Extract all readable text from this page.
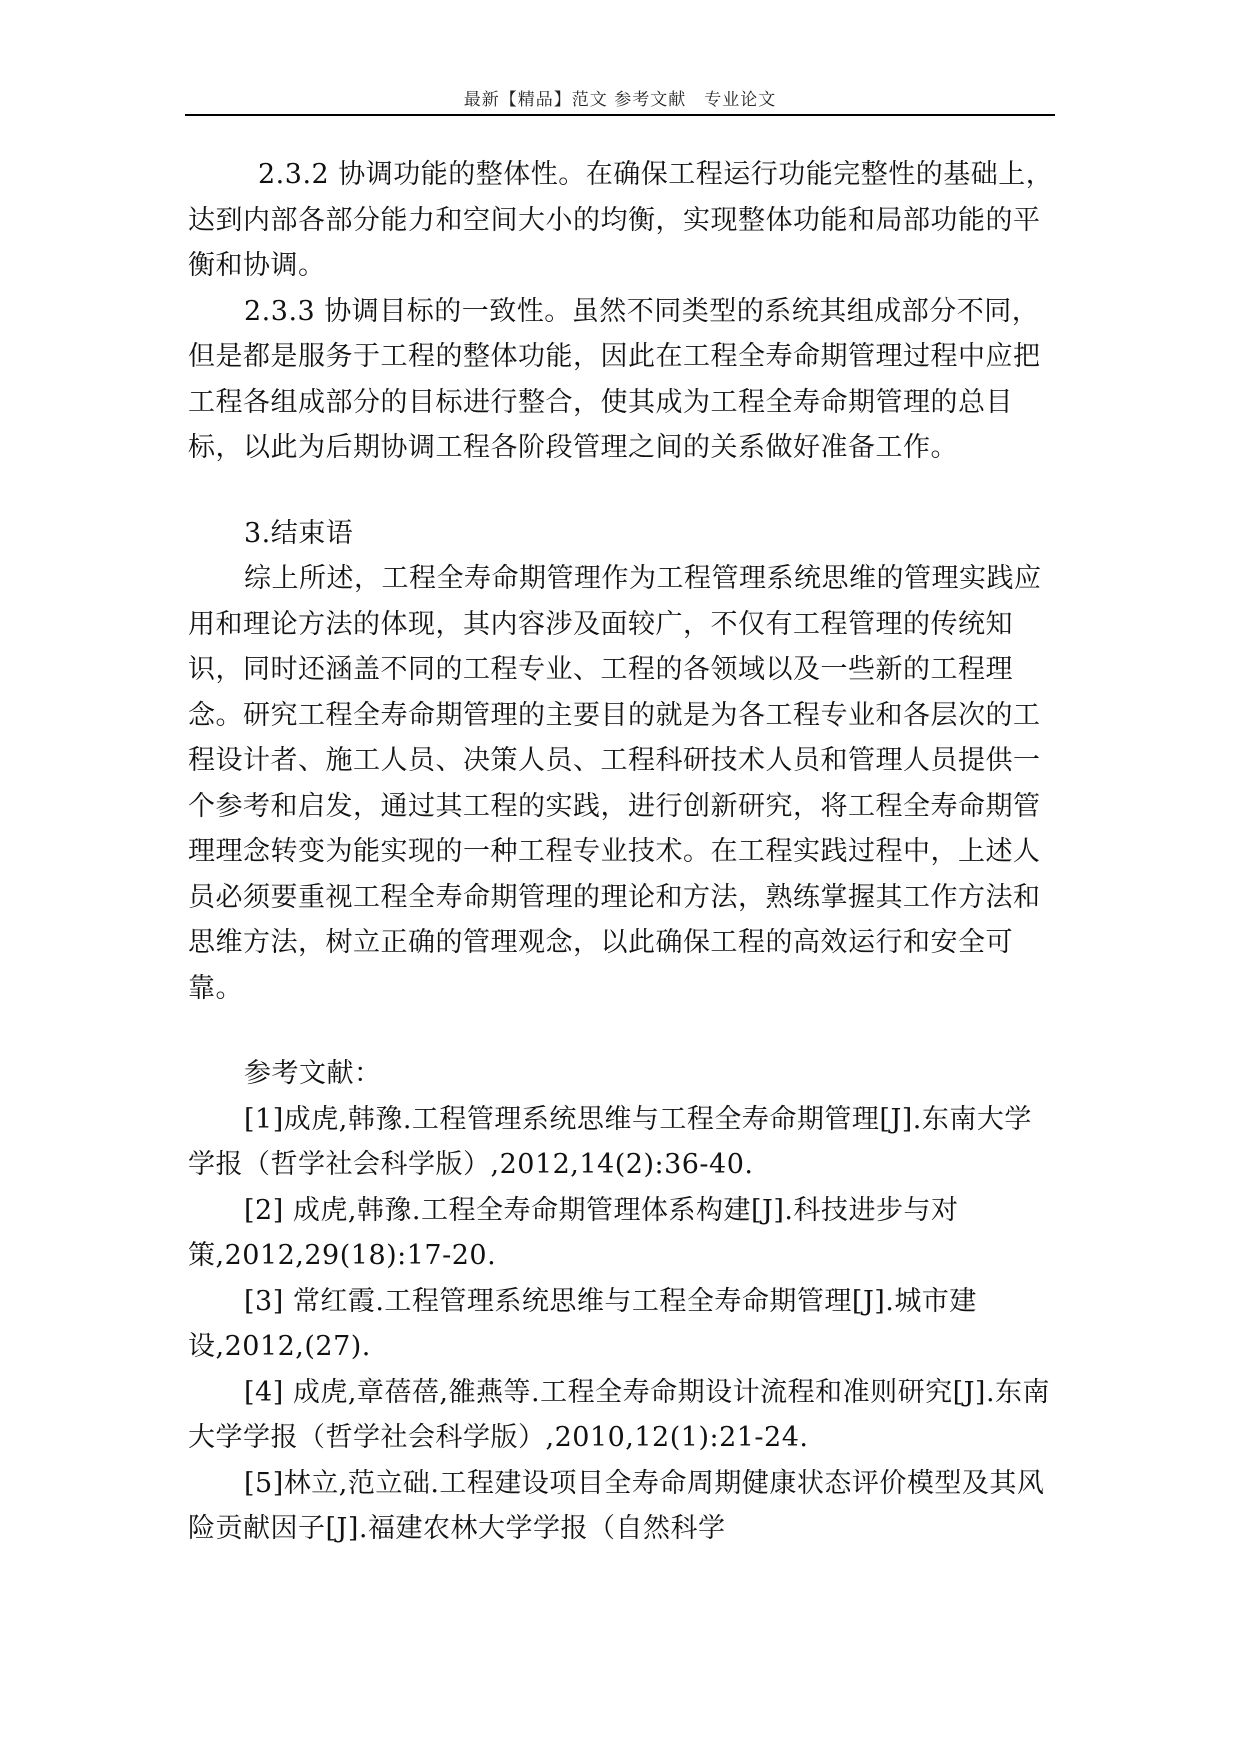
最新【精品】范文 参考文献　专业论文

2.3.2 协调功能的整体性。在确保工程运行功能完整性的基础上，达到内部各部分能力和空间大小的均衡，实现整体功能和局部功能的平衡和协调。

2.3.3 协调目标的一致性。虽然不同类型的系统其组成部分不同，但是都是服务于工程的整体功能，因此在工程全寿命期管理过程中应把工程各组成部分的目标进行整合，使其成为工程全寿命期管理的总目标，以此为后期协调工程各阶段管理之间的关系做好准备工作。

3.结束语

综上所述，工程全寿命期管理作为工程管理系统思维的管理实践应用和理论方法的体现，其内容涉及面较广，不仅有工程管理的传统知识，同时还涵盖不同的工程专业、工程的各领域以及一些新的工程理念。研究工程全寿命期管理的主要目的就是为各工程专业和各层次的工程设计者、施工人员、决策人员、工程科研技术人员和管理人员提供一个参考和启发，通过其工程的实践，进行创新研究，将工程全寿命期管理理念转变为能实现的一种工程专业技术。在工程实践过程中，上述人员必须要重视工程全寿命期管理的理论和方法，熟练掌握其工作方法和思维方法，树立正确的管理观念，以此确保工程的高效运行和安全可靠。

参考文献：

[1]成虎,韩豫.工程管理系统思维与工程全寿命期管理[J].东南大学学报（哲学社会科学版）,2012,14(2):36-40.

[2] 成虎,韩豫.工程全寿命期管理体系构建[J].科技进步与对策,2012,29(18):17-20.

[3] 常红霞.工程管理系统思维与工程全寿命期管理[J].城市建设,2012,(27).

[4] 成虎,章蓓蓓,雒燕等.工程全寿命期设计流程和准则研究[J].东南大学学报（哲学社会科学版）,2010,12(1):21-24.

[5]林立,范立础.工程建设项目全寿命周期健康状态评价模型及其风险贡献因子[J].福建农林大学学报（自然科学
